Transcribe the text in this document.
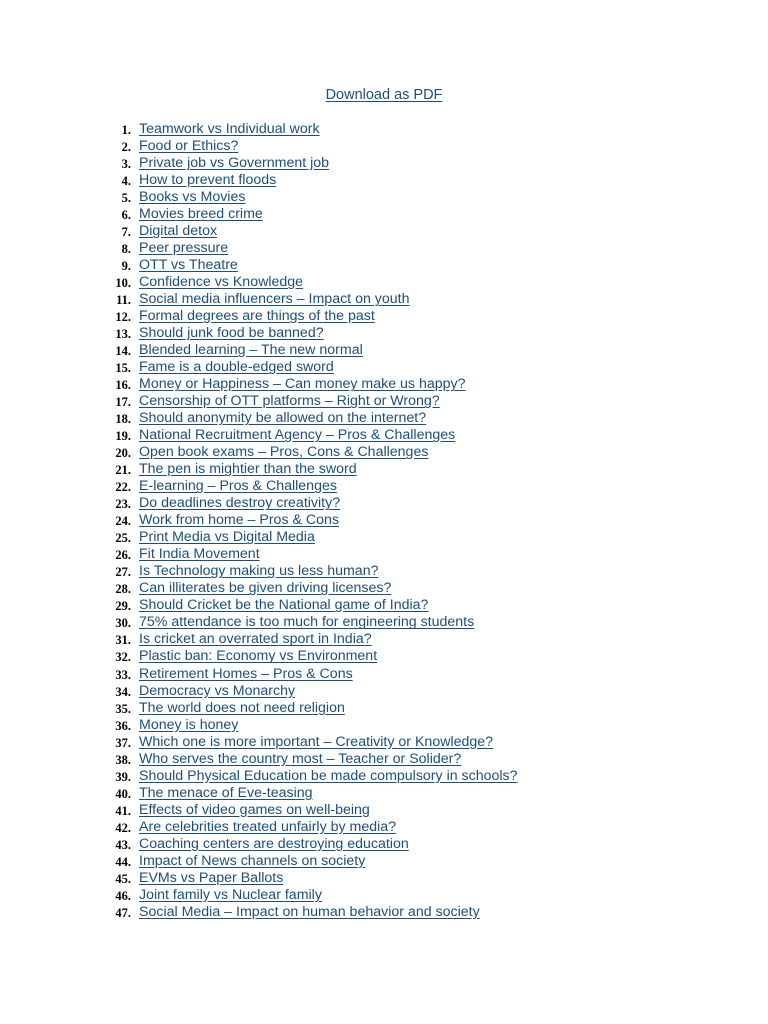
Download as PDF
1. Teamwork vs Individual work
2. Food or Ethics?
3. Private job vs Government job
4. How to prevent floods
5. Books vs Movies
6. Movies breed crime
7. Digital detox
8. Peer pressure
9. OTT vs Theatre
10. Confidence vs Knowledge
11. Social media influencers – Impact on youth
12. Formal degrees are things of the past
13. Should junk food be banned?
14. Blended learning – The new normal
15. Fame is a double-edged sword
16. Money or Happiness – Can money make us happy?
17. Censorship of OTT platforms – Right or Wrong?
18. Should anonymity be allowed on the internet?
19. National Recruitment Agency – Pros & Challenges
20. Open book exams – Pros, Cons & Challenges
21. The pen is mightier than the sword
22. E-learning – Pros & Challenges
23. Do deadlines destroy creativity?
24. Work from home – Pros & Cons
25. Print Media vs Digital Media
26. Fit India Movement
27. Is Technology making us less human?
28. Can illiterates be given driving licenses?
29. Should Cricket be the National game of India?
30. 75% attendance is too much for engineering students
31. Is cricket an overrated sport in India?
32. Plastic ban: Economy vs Environment
33. Retirement Homes – Pros & Cons
34. Democracy vs Monarchy
35. The world does not need religion
36. Money is honey
37. Which one is more important – Creativity or Knowledge?
38. Who serves the country most – Teacher or Solider?
39. Should Physical Education be made compulsory in schools?
40. The menace of Eve-teasing
41. Effects of video games on well-being
42. Are celebrities treated unfairly by media?
43. Coaching centers are destroying education
44. Impact of News channels on society
45. EVMs vs Paper Ballots
46. Joint family vs Nuclear family
47. Social Media – Impact on human behavior and society
